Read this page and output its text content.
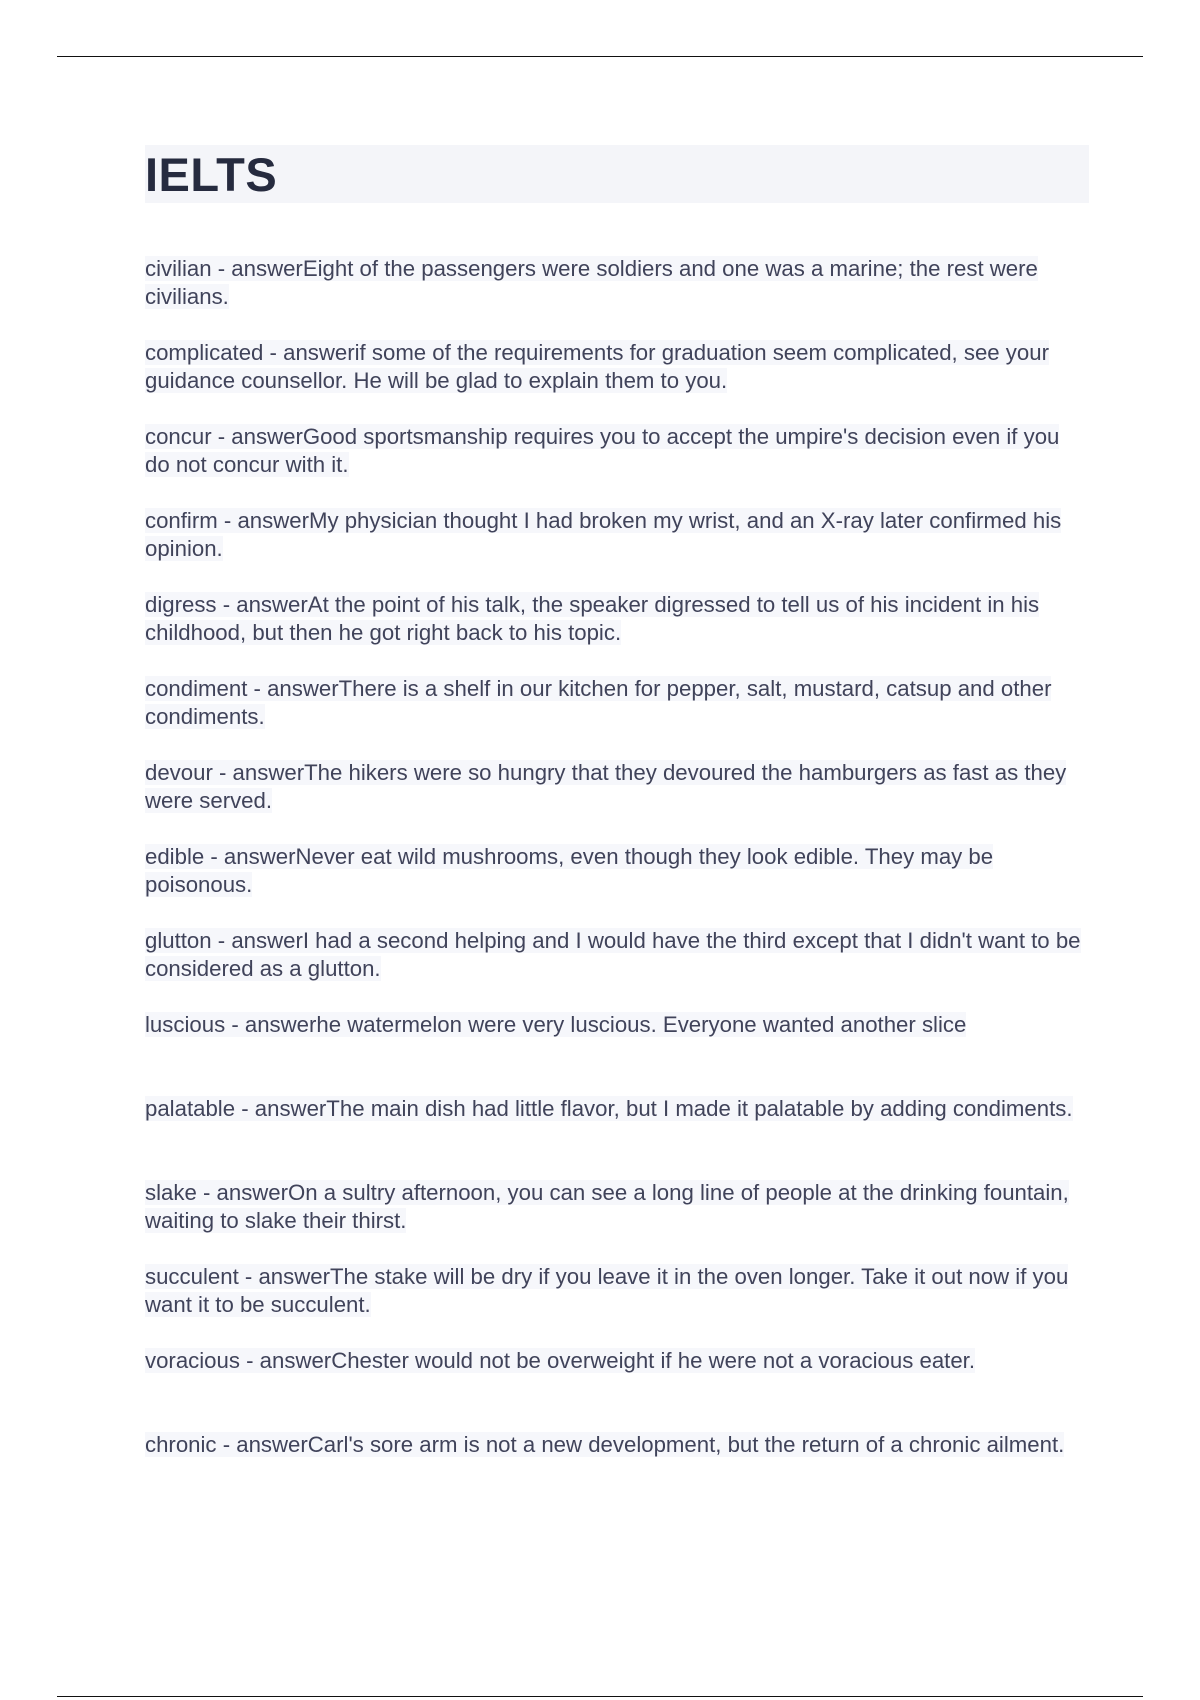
IELTS
civilian - answerEight of the passengers were soldiers and one was a marine; the rest were civilians.
complicated - answerif some of the requirements for graduation seem complicated, see your guidance counsellor. He will be glad to explain them to you.
concur - answerGood sportsmanship requires you to accept the umpire's decision even if you do not concur with it.
confirm - answerMy physician thought I had broken my wrist, and an X-ray later confirmed his opinion.
digress - answerAt the point of his talk, the speaker digressed to tell us of his incident in his childhood, but then he got right back to his topic.
condiment - answerThere is a shelf in our kitchen for pepper, salt, mustard, catsup and other condiments.
devour - answerThe hikers were so hungry that they devoured the hamburgers as fast as they were served.
edible - answerNever eat wild mushrooms, even though they look edible. They may be poisonous.
glutton - answerI had a second helping and I would have the third except that I didn't want to be considered as a glutton.
luscious - answerhe watermelon were very luscious. Everyone wanted another slice
palatable - answerThe main dish had little flavor, but I made it palatable by adding condiments.
slake - answerOn a sultry afternoon, you can see a long line of people at the drinking fountain, waiting to slake their thirst.
succulent - answerThe stake will be dry if you leave it in the oven longer. Take it out now if you want it to be succulent.
voracious - answerChester would not be overweight if he were not a voracious eater.
chronic - answerCarl's sore arm is not a new development, but the return of a chronic ailment.
